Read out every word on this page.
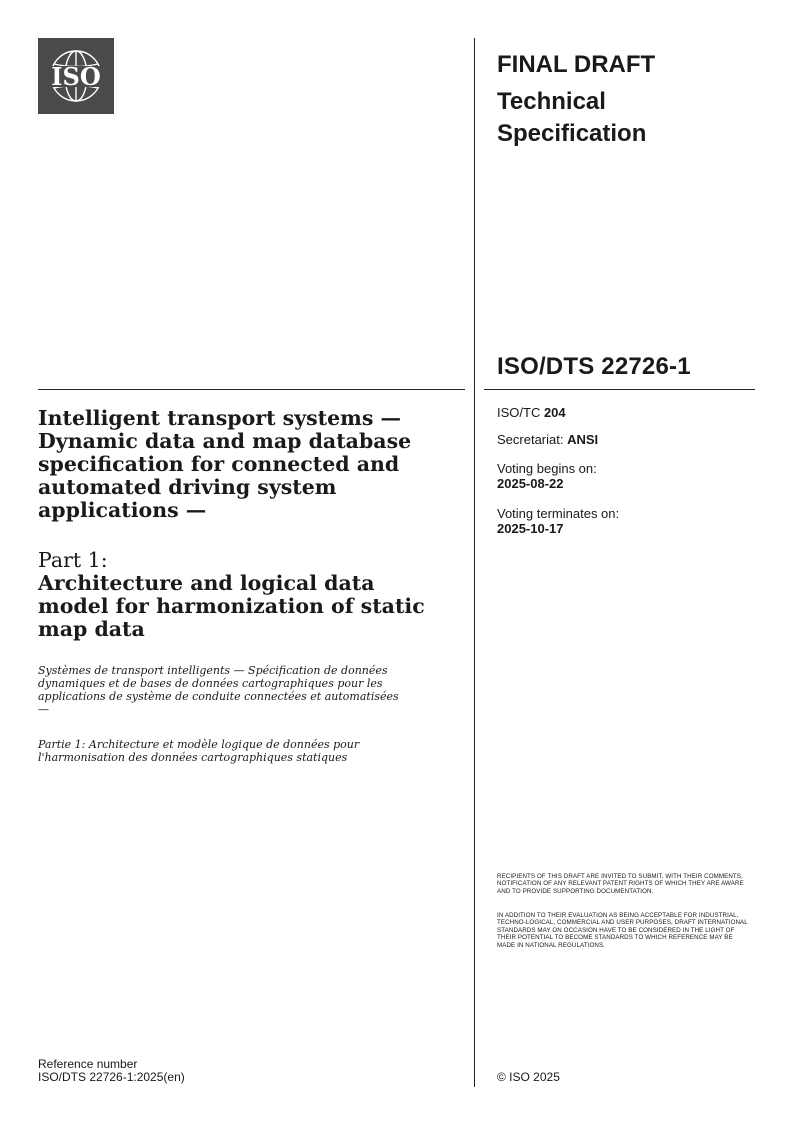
ISO	FINAL DRAFT
Technical Specification
ISO/DTS 22726-1
ISO/TC 204
Secretariat: ANSI
Voting begins on:
2025-08-22
Voting terminates on:
2025-10-17
Intelligent transport systems — Dynamic data and map database specification for connected and automated driving system applications —
Part 1:
Architecture and logical data model for harmonization of static map data
Systèmes de transport intelligents — Spécification de données dynamiques et de bases de données cartographiques pour les applications de système de conduite connectées et automatisées —
Partie 1: Architecture et modèle logique de données pour l'harmonisation des données cartographiques statiques
RECIPIENTS OF THIS DRAFT ARE INVITED TO SUBMIT, WITH THEIR COMMENTS, NOTIFICATION OF ANY RELEVANT PATENT RIGHTS OF WHICH THEY ARE AWARE AND TO PROVIDE SUPPORTING DOCUMENTATION.
IN ADDITION TO THEIR EVALUATION AS BEING ACCEPTABLE FOR INDUSTRIAL, TECHNO-LOGICAL, COMMERCIAL AND USER PURPOSES, DRAFT INTERNATIONAL STANDARDS MAY ON OCCASION HAVE TO BE CONSIDERED IN THE LIGHT OF THEIR POTENTIAL TO BECOME STANDARDS TO WHICH REFERENCE MAY BE MADE IN NATIONAL REGULATIONS.
Reference number
ISO/DTS 22726-1:2025(en)	© ISO 2025
